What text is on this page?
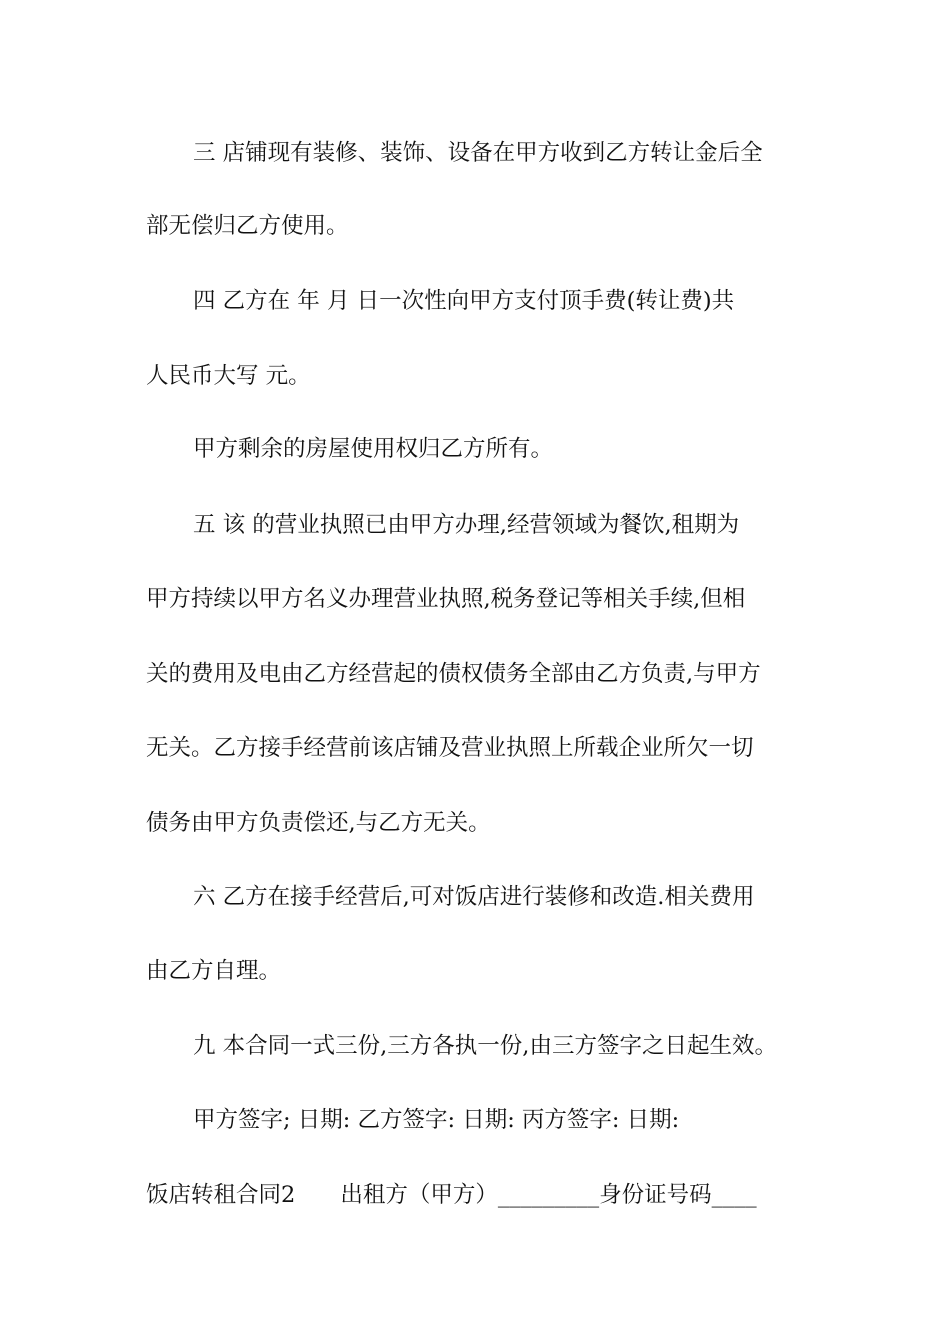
三 店铺现有装修、装饰、设备在甲方收到乙方转让金后全
部无偿归乙方使用。
四 乙方在 年 月 日一次性向甲方支付顶手费(转让费)共
人民币大写 元。
甲方剩余的房屋使用权归乙方所有。
五 该 的营业执照已由甲方办理,经营领域为餐饮,租期为
甲方持续以甲方名义办理营业执照,税务登记等相关手续,但相
关的费用及电由乙方经营起的债权债务全部由乙方负责,与甲方
无关。乙方接手经营前该店铺及营业执照上所载企业所欠一切
债务由甲方负责偿还,与乙方无关。
六 乙方在接手经营后,可对饭店进行装修和改造.相关费用
由乙方自理。
九 本合同一式三份,三方各执一份,由三方签字之日起生效。
甲方签字; 日期: 乙方签字: 日期: 丙方签字: 日期:
饭店转租合同2　　出租方（甲方）_________身份证号码____
